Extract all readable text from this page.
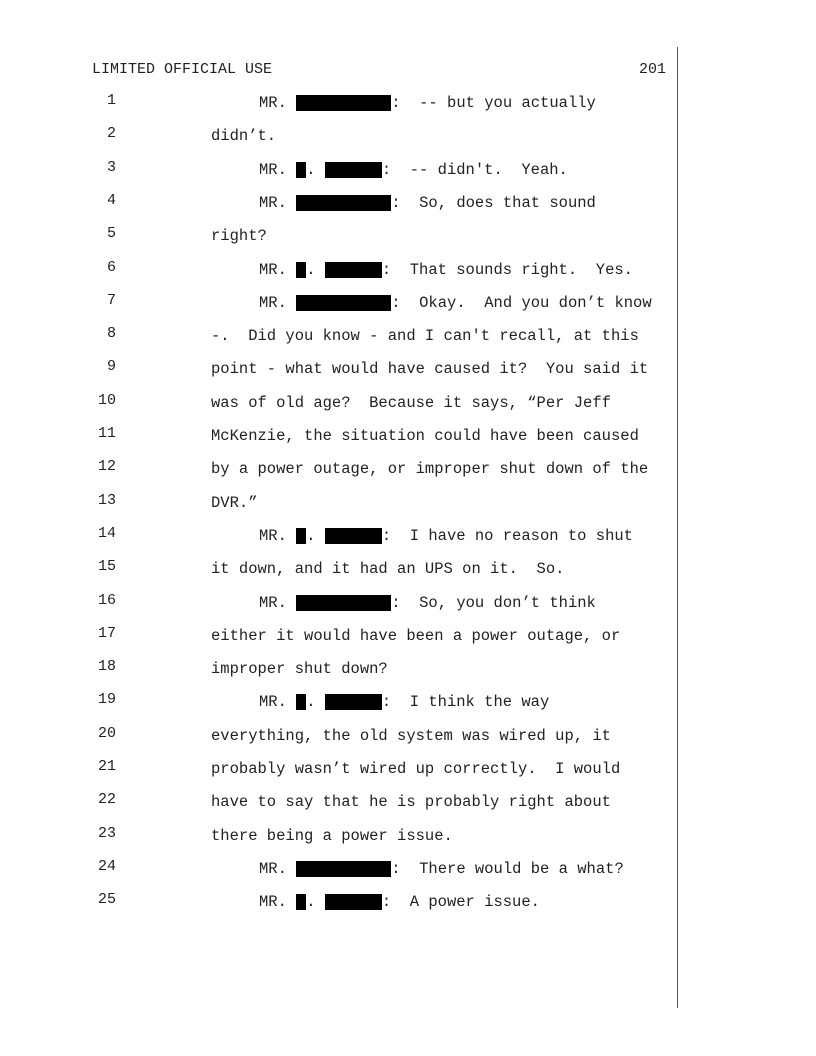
LIMITED OFFICIAL USE	201
1	MR.	: -- but you actually
2	didn’t.
3	MR. .	: -- didn't.  Yeah.
4	MR.	: So, does that sound
5	right?
6	MR. .	: That sounds right.  Yes.
7	MR.	: Okay.  And you don’t know
8	-.  Did you know - and I can't recall, at this
9	point - what would have caused it?  You said it
10	was of old age?  Because it says, “Per Jeff
11	McKenzie, the situation could have been caused
12	by a power outage, or improper shut down of the
13	DVR.”
14	MR. .	: I have no reason to shut
15	it down, and it had an UPS on it.  So.
16	MR.	: So, you don’t think
17	either it would have been a power outage, or
18	improper shut down?
19	MR. .	: I think the way
20	everything, the old system was wired up, it
21	probably wasn’t wired up correctly.  I would
22	have to say that he is probably right about
23	there being a power issue.
24	MR.	: There would be a what?
25	MR. .	: A power issue.
